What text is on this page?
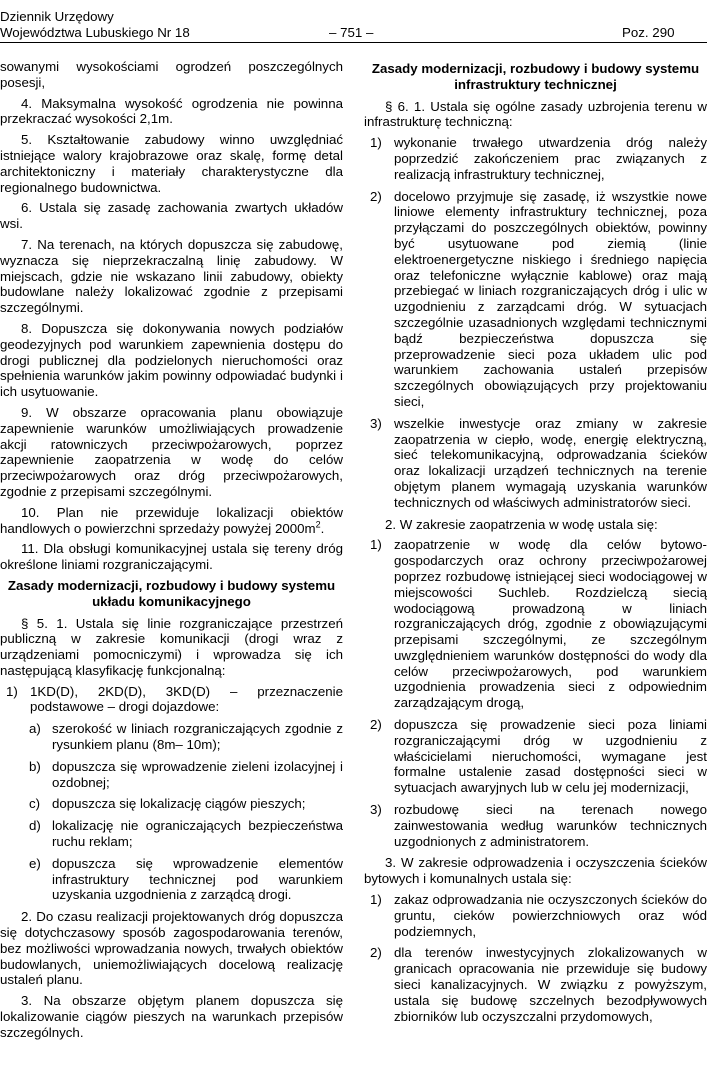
Dziennik Urzędowy
Województwa Lubuskiego Nr 18	– 751 –	Poz. 290

sowanymi wysokościami ogrodzeń poszczególnych posesji,

4. Maksymalna wysokość ogrodzenia nie powinna przekraczać wysokości 2,1m.

5. Kształtowanie zabudowy winno uwzględniać istniejące walory krajobrazowe oraz skalę, formę detal architektoniczny i materiały charakterystyczne dla regionalnego budownictwa.

6. Ustala się zasadę zachowania zwartych układów wsi.

7. Na terenach, na których dopuszcza się zabudowę, wyznacza się nieprzekraczalną linię zabudowy. W miejscach, gdzie nie wskazano linii zabudowy, obiekty budowlane należy lokalizować zgodnie z przepisami szczególnymi.

8. Dopuszcza się dokonywania nowych podziałów geodezyjnych pod warunkiem zapewnienia dostępu do drogi publicznej dla podzielonych nieruchomości oraz spełnienia warunków jakim powinny odpowiadać budynki i ich usytuowanie.

9. W obszarze opracowania planu obowiązuje zapewnienie warunków umożliwiających prowadzenie akcji ratowniczych przeciwpożarowych, poprzez zapewnienie zaopatrzenia w wodę do celów przeciwpożarowych oraz dróg przeciwpożarowych, zgodnie z przepisami szczególnymi.

10. Plan nie przewiduje lokalizacji obiektów handlowych o powierzchni sprzedaży powyżej $2000m^2$.

11. Dla obsługi komunikacyjnej ustala się tereny dróg określone liniami rozgraniczającymi.

Zasady modernizacji, rozbudowy i budowy systemu układu komunikacyjnego

§ 5. 1. Ustala się linie rozgraniczające przestrzeń publiczną w zakresie komunikacji (drogi wraz z urządzeniami pomocniczymi) i wprowadza się ich następującą klasyfikację funkcjonalną:

1) 1KD(D), 2KD(D), 3KD(D) – przeznaczenie podstawowe – drogi dojazdowe:
a) szerokość w liniach rozgraniczających zgodnie z rysunkiem planu (8m– 10m);
b) dopuszcza się wprowadzenie zieleni izolacyjnej i ozdobnej;
c) dopuszcza się lokalizację ciągów pieszych;
d) lokalizację nie ograniczających bezpieczeństwa ruchu reklam;
e) dopuszcza się wprowadzenie elementów infrastruktury technicznej pod warunkiem uzyskania uzgodnienia z zarządcą drogi.

2. Do czasu realizacji projektowanych dróg dopuszcza się dotychczasowy sposób zagospodarowania terenów, bez możliwości wprowadzania nowych, trwałych obiektów budowlanych, uniemożliwiających docelową realizację ustaleń planu.

3. Na obszarze objętym planem dopuszcza się lokalizowanie ciągów pieszych na warunkach przepisów szczególnych.

Zasady modernizacji, rozbudowy i budowy systemu infrastruktury technicznej

§ 6. 1. Ustala się ogólne zasady uzbrojenia terenu w infrastrukturę techniczną:

1) wykonanie trwałego utwardzenia dróg należy poprzedzić zakończeniem prac związanych z realizacją infrastruktury technicznej,
2) docelowo przyjmuje się zasadę, iż wszystkie nowe liniowe elementy infrastruktury technicznej, poza przyłączami do poszczególnych obiektów, powinny być usytuowane pod ziemią (linie elektroenergetyczne niskiego i średniego napięcia oraz telefoniczne wyłącznie kablowe) oraz mają przebiegać w liniach rozgraniczających dróg i ulic w uzgodnieniu z zarządcami dróg. W sytuacjach szczególnie uzasadnionych względami technicznymi bądź bezpieczeństwa dopuszcza się przeprowadzenie sieci poza układem ulic pod warunkiem zachowania ustaleń przepisów szczególnych obowiązujących przy projektowaniu sieci,
3) wszelkie inwestycje oraz zmiany w zakresie zaopatrzenia w ciepło, wodę, energię elektryczną, sieć telekomunikacyjną, odprowadzania ścieków oraz lokalizacji urządzeń technicznych na terenie objętym planem wymagają uzyskania warunków technicznych od właściwych administratorów sieci.

2. W zakresie zaopatrzenia w wodę ustala się:

1) zaopatrzenie w wodę dla celów bytowo-gospodarczych oraz ochrony przeciwpożarowej poprzez rozbudowę istniejącej sieci wodociągowej w miejscowości Suchleb. Rozdzielczą siecią wodociągową prowadzoną w liniach rozgraniczających dróg, zgodnie z obowiązującymi przepisami szczególnymi, ze szczególnym uwzględnieniem warunków dostępności do wody dla celów przeciwpożarowych, pod warunkiem uzgodnienia prowadzenia sieci z odpowiednim zarządzającym drogą,
2) dopuszcza się prowadzenie sieci poza liniami rozgraniczającymi dróg w uzgodnieniu z właścicielami nieruchomości, wymagane jest formalne ustalenie zasad dostępności sieci w sytuacjach awaryjnych lub w celu jej modernizacji,
3) rozbudowę sieci na terenach nowego zainwestowania według warunków technicznych uzgodnionych z administratorem.

3. W zakresie odprowadzenia i oczyszczenia ścieków bytowych i komunalnych ustala się:

1) zakaz odprowadzania nie oczyszczonych ścieków do gruntu, cieków powierzchniowych oraz wód podziemnych,
2) dla terenów inwestycyjnych zlokalizowanych w granicach opracowania nie przewiduje się budowy sieci kanalizacyjnych. W związku z powyższym, ustala się budowę szczelnych bezodpływowych zbiorników lub oczyszczalni przydomowych,
